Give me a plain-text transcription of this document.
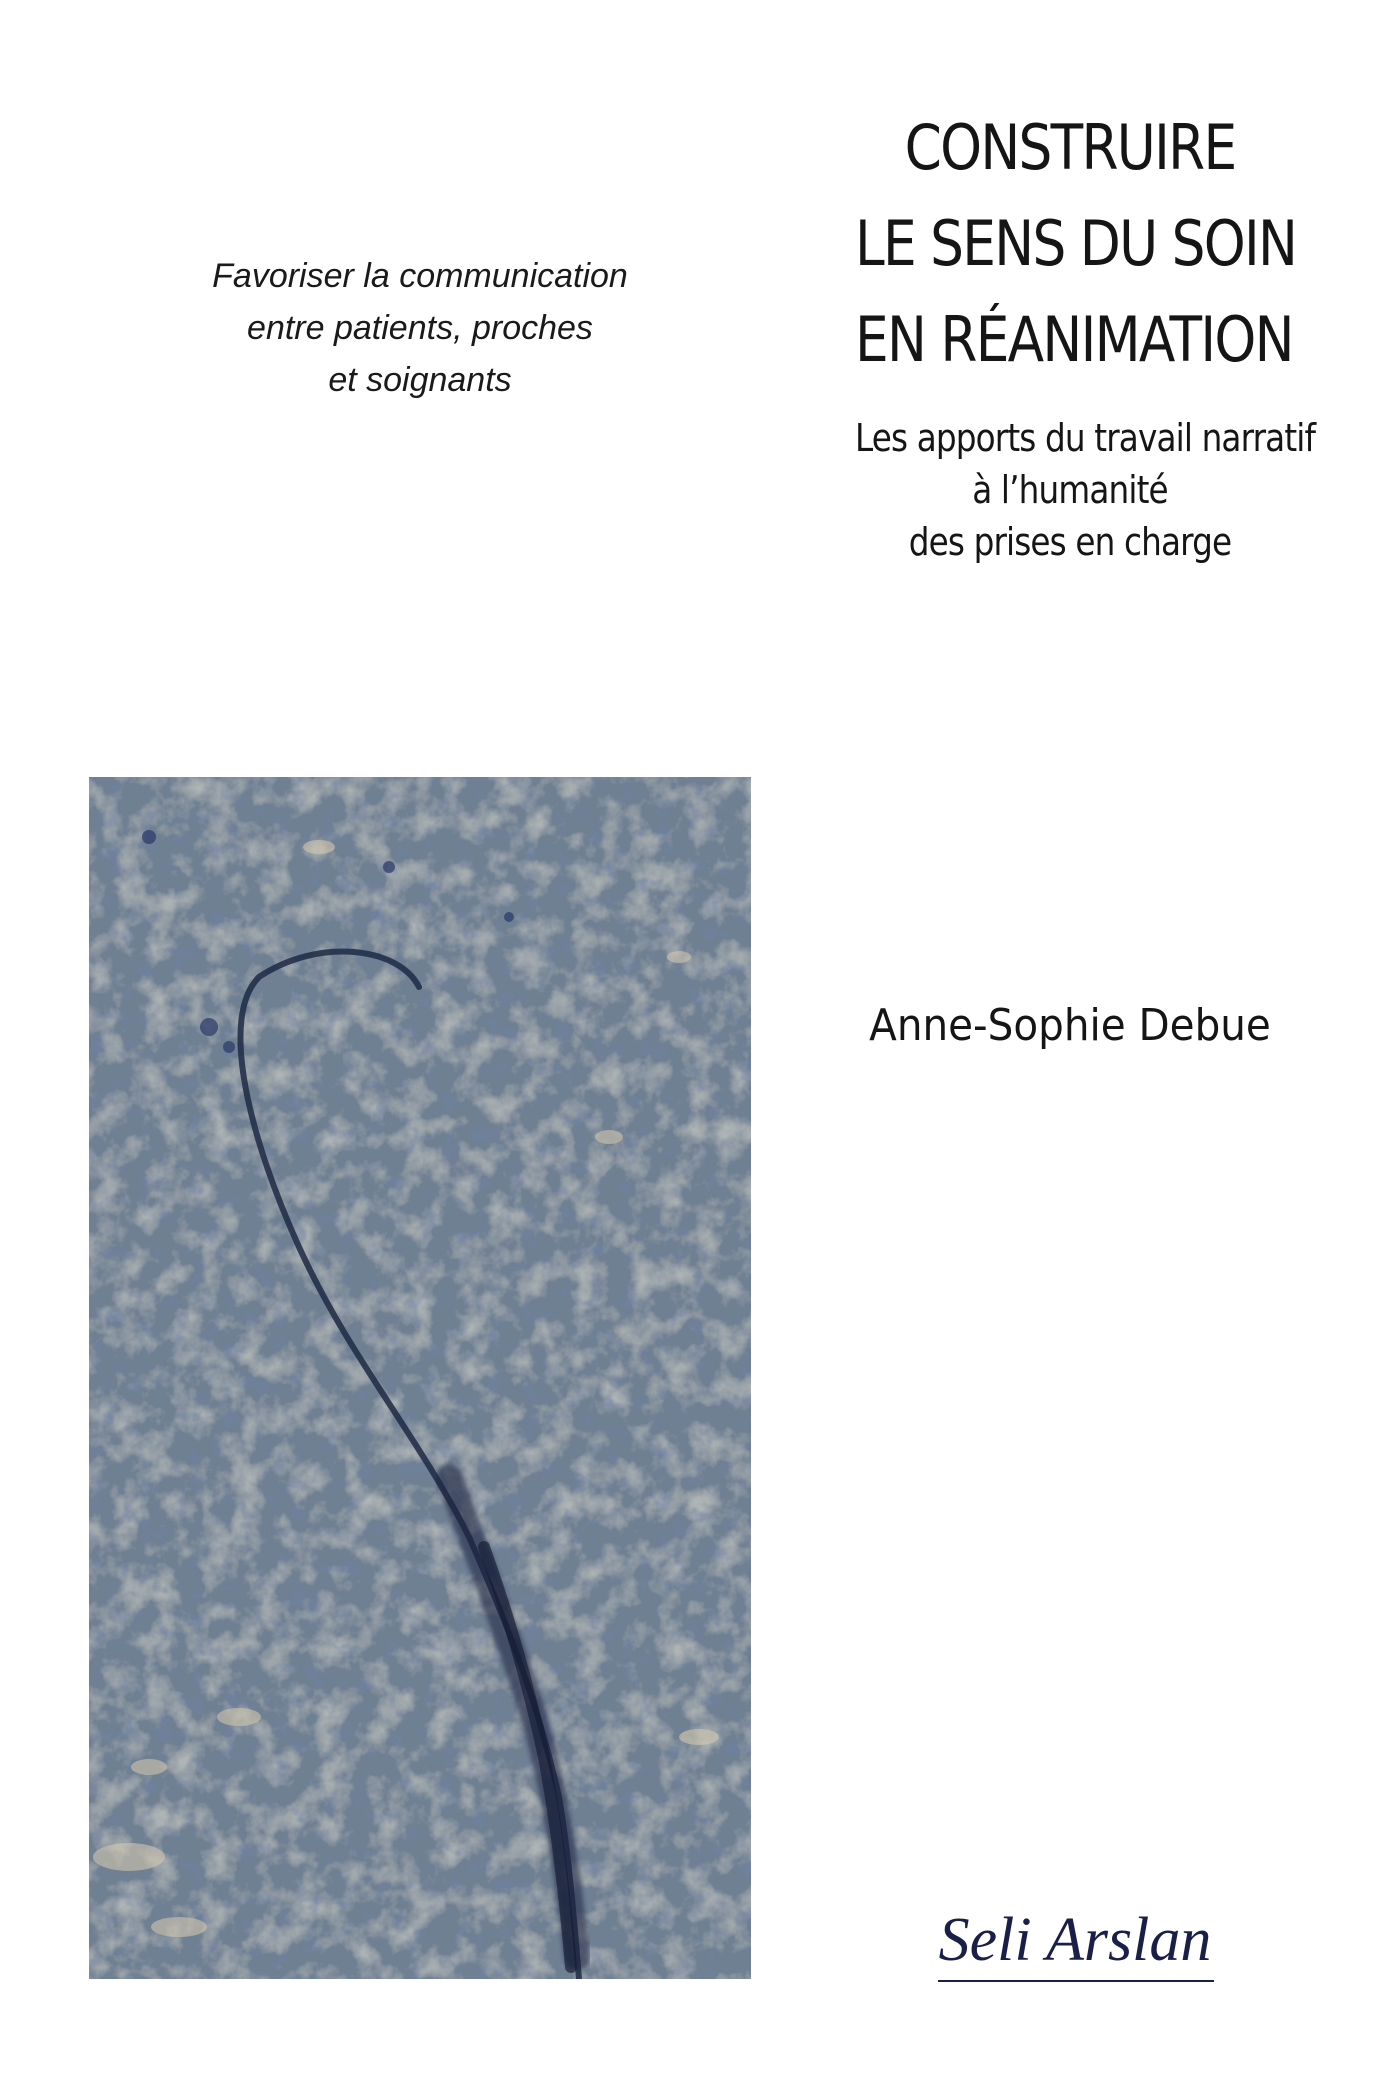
Favoriser la communication
entre patients, proches
et soignants
CONSTRUIRE
LE SENS DU SOIN
EN RÉANIMATION
Les apports du travail narratif
à l’humanité
des prises en charge
Anne-Sophie Debue
Seli Arslan
